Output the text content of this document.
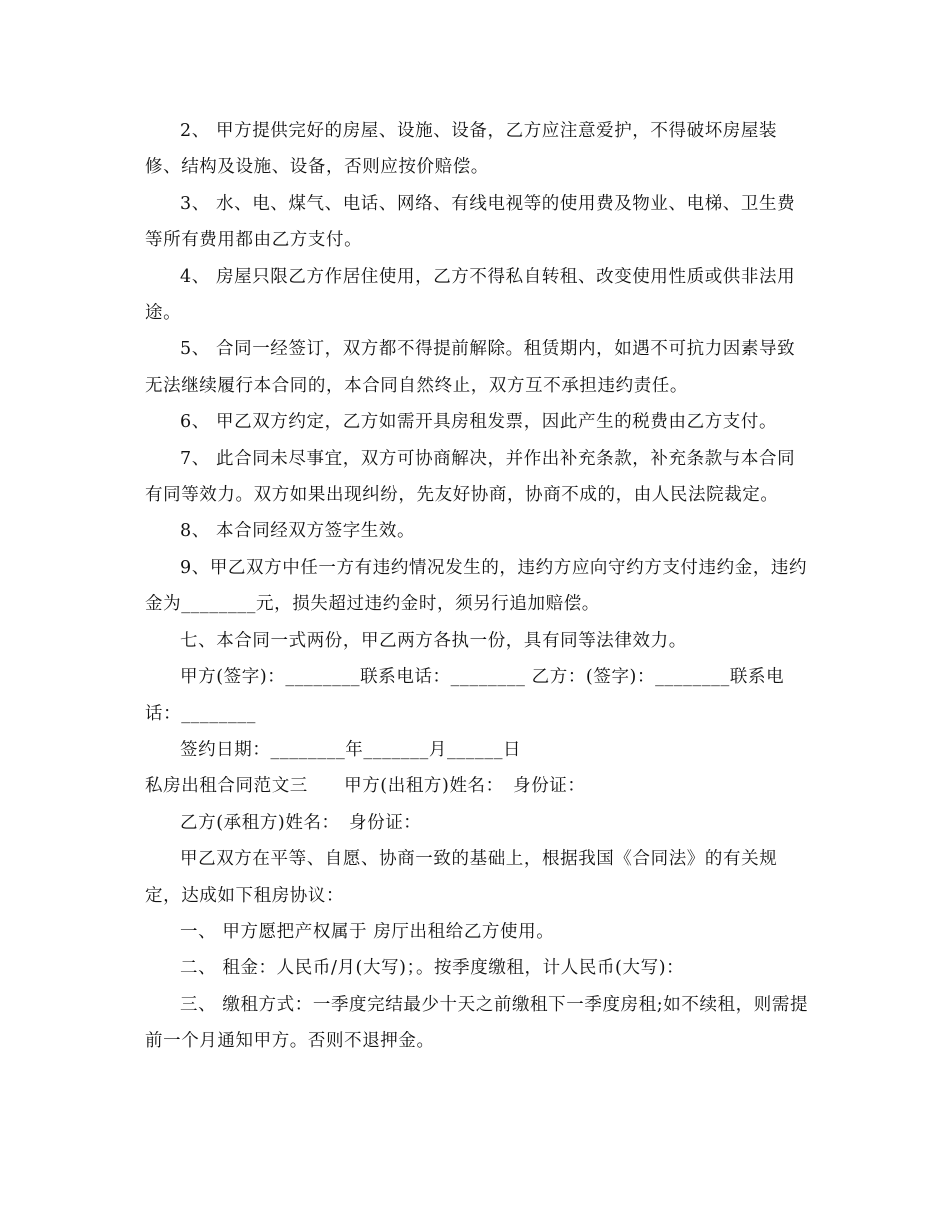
2、 甲方提供完好的房屋、设施、设备，乙方应注意爱护，不得破坏房屋装修、结构及设施、设备，否则应按价赔偿。

3、 水、电、煤气、电话、网络、有线电视等的使用费及物业、电梯、卫生费等所有费用都由乙方支付。

4、 房屋只限乙方作居住使用，乙方不得私自转租、改变使用性质或供非法用途。

5、 合同一经签订，双方都不得提前解除。租赁期内，如遇不可抗力因素导致无法继续履行本合同的，本合同自然终止，双方互不承担违约责任。

6、 甲乙双方约定，乙方如需开具房租发票，因此产生的税费由乙方支付。

7、 此合同未尽事宜，双方可协商解决，并作出补充条款，补充条款与本合同有同等效力。双方如果出现纠纷，先友好协商，协商不成的，由人民法院裁定。

8、 本合同经双方签字生效。

9、甲乙双方中任一方有违约情况发生的，违约方应向守约方支付违约金，违约金为________元，损失超过违约金时，须另行追加赔偿。

七、本合同一式两份，甲乙两方各执一份，具有同等法律效力。

甲方(签字)：________联系电话：________ 乙方：(签字)：________联系电话：________

签约日期：________年_______月______日

私房出租合同范文三　　甲方(出租方)姓名：　身份证：

乙方(承租方)姓名：　身份证：

甲乙双方在平等、自愿、协商一致的基础上，根据我国《合同法》的有关规定，达成如下租房协议：

一、 甲方愿把产权属于 房厅出租给乙方使用。

二、 租金：人民币/月(大写)；。按季度缴租，计人民币(大写)：

三、 缴租方式：一季度完结最少十天之前缴租下一季度房租;如不续租，则需提前一个月通知甲方。否则不退押金。
